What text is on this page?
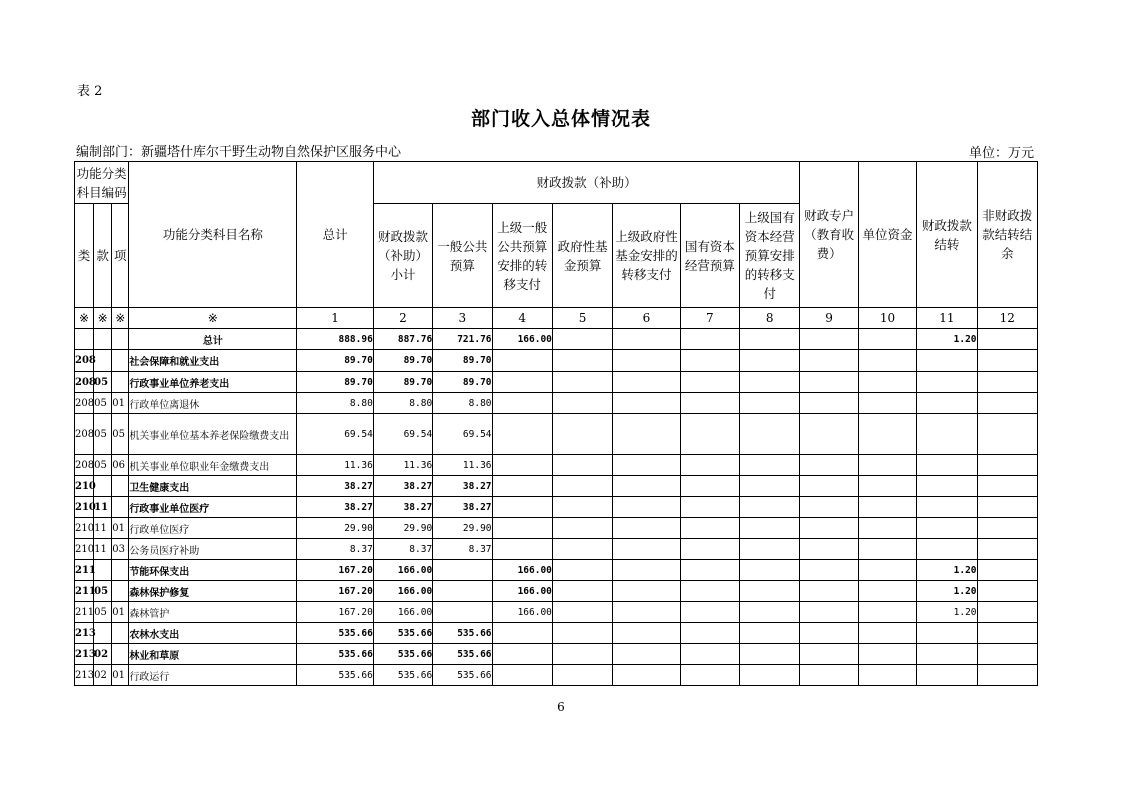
表 2
部门收入总体情况表
编制部门：新疆塔什库尔干野生动物自然保护区服务中心	单位：万元
功能分类科目编码			功能分类科目名称	总计	财政拨款（补助）							财政专户（教育收费）	单位资金	财政拨款结转	非财政拨款结转结余
类	款	项			财政拨款（补助）小计	一般公共预算	上级一般公共预算安排的转移支付	政府性基金预算	上级政府性基金安排的转移支付	国有资本经营预算	上级国有资本经营预算安排的转移支付				
※	※	※	※	1	2	3	4	5	6	7	8	9	10	11	12
			总计	888.96	887.76	721.76	166.00							1.20	
208			社会保障和就业支出	89.70	89.70	89.70									
208	05		行政事业单位养老支出	89.70	89.70	89.70									
208	05	01	行政单位离退休	8.80	8.80	8.80									
208	05	05	机关事业单位基本养老保险缴费支出	69.54	69.54	69.54									
208	05	06	机关事业单位职业年金缴费支出	11.36	11.36	11.36									
210			卫生健康支出	38.27	38.27	38.27									
210	11		行政事业单位医疗	38.27	38.27	38.27									
210	11	01	行政单位医疗	29.90	29.90	29.90									
210	11	03	公务员医疗补助	8.37	8.37	8.37									
211			节能环保支出	167.20	166.00		166.00							1.20	
211	05		森林保护修复	167.20	166.00		166.00							1.20	
211	05	01	森林管护	167.20	166.00		166.00							1.20	
213			农林水支出	535.66	535.66	535.66									
213	02		林业和草原	535.66	535.66	535.66									
213	02	01	行政运行	535.66	535.66	535.66									
6
